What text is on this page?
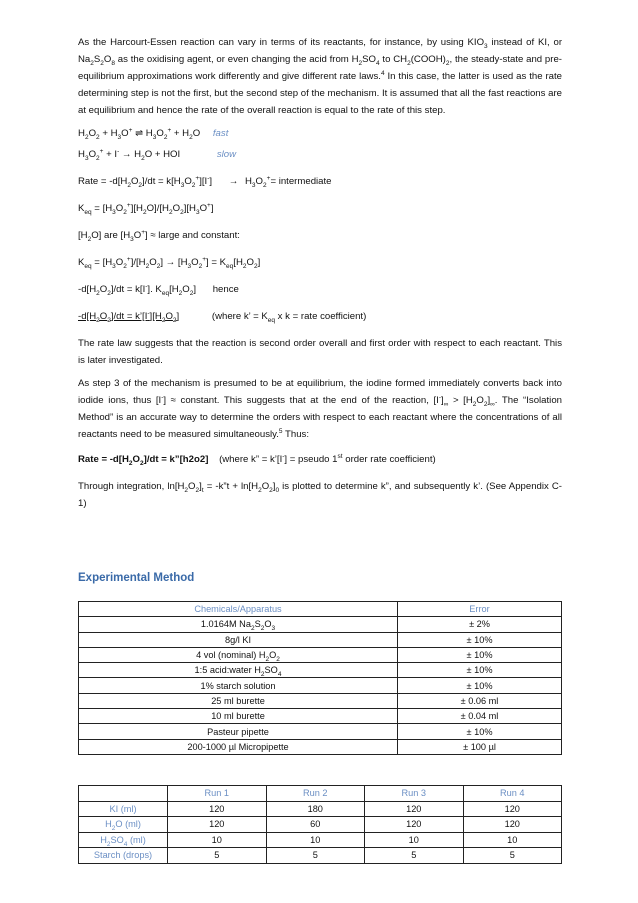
As the Harcourt-Essen reaction can vary in terms of its reactants, for instance, by using $KIO_3$ instead of KI, or $Na_2S_2O_8$ as the oxidising agent, or even changing the acid from $H_2SO_4$ to $CH_2(COOH)_2$, the steady-state and pre-equilibrium approximations work differently and give different rate laws.$^4$ In this case, the latter is used as the rate determining step is not the first, but the second step of the mechanism. It is assumed that all the fast reactions are at equilibrium and hence the rate of the overall reaction is equal to the rate of this step.

$H_2O_2 + H_3O^+$ ⇌ $H_3O_2^+ + H_2O$ fast

$H_3O_2^+ + I^- \to H_2O$ + HOI	slow

Rate = $-d[H_2O_2]/dt = k[H_3O_2^+][I^-] \to H_3O_2^+=$ intermediate

$K_{eq} = [H_3O_2^+][H_2O]/[H_2O_2][H_3O^+]$

$[H_2O]$ are $[H_3O^+]$ ≈ large and constant:

$K_{eq} = [H_3O_2^+]/[H_2O_2] \to [H_3O_2^+] = K_{eq}[H_2O_2]$

$-d[H_2O_2]/dt = k[I^-]$. $K_{eq}[H_2O_2]$ hence

$-d[H_2O_2]/dt$ = $k’[I^-][H_2O_2]$	(where k’ = $K_{eq}$ x k = rate coefficient)

The rate law suggests that the reaction is second order overall and first order with respect to each reactant. This is later investigated.

As step 3 of the mechanism is presumed to be at equilibrium, the iodine formed immediately converts back into iodide ions, thus [I-] ≈ constant. This suggests that at the end of the reaction, $[I^-]_\infty > [H_2O_2]_\infty$. The “Isolation Method” is an accurate way to determine the orders with respect to each reactant where the concentrations of all reactants need to be measured simultaneously.$^5$ Thus:

Rate = $-d[H_2O_2]/dt$ = k”[h2o2] (where k” = k’[I-] = pseudo 1st order rate coefficient)

Through integration, $\ln[H_2O_2]_t$ = -k”t + $\ln[H_2O_2]_0$ is plotted to determine k”, and subsequently k’. (See Appendix C-1)

Experimental Method
Chemicals/Apparatus	Error
1.0164M $Na_2S_2O_3$	± 2%
8g/l KI	± 10%
4 vol (nominal) $H_2O_2$	± 10%
1:5 acid:water $H_2SO_4$	± 10%
1% starch solution	± 10%
25 ml burette	± 0.06 ml
10 ml burette	± 0.04 ml
Pasteur pipette	± 10%
200-1000 µl Micropipette	± 100 µl
	Run 1	Run 2	Run 3	Run 4
KI (ml)	120	180	120	120
$H_2O$ (ml)	120	60	120	120
$H_2SO_4$ (ml)	10	10	10	10
Starch (drops)	5	5	5	5
